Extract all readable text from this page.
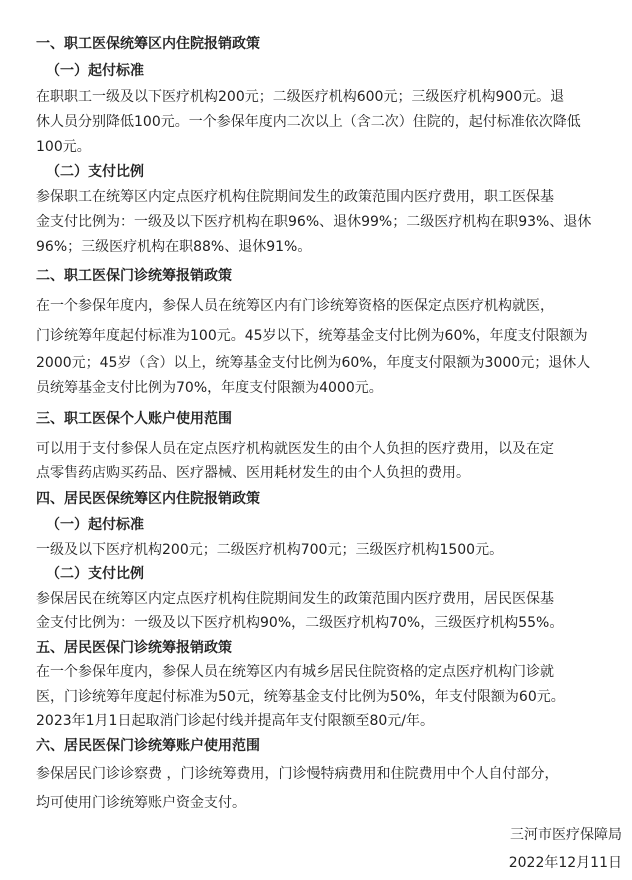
一、职工医保统筹区内住院报销政策
（一）起付标准
在职职工一级及以下医疗机构200元；二级医疗机构600元；三级医疗机构900元。退
休人员分别降低100元。一个参保年度内二次以上（含二次）住院的，起付标准依次降低
100元。
（二）支付比例
参保职工在统筹区内定点医疗机构住院期间发生的政策范围内医疗费用，职工医保基
金支付比例为：一级及以下医疗机构在职96%、退休99%；二级医疗机构在职93%、退休
96%；三级医疗机构在职88%、退休91%。
二、职工医保门诊统筹报销政策
在一个参保年度内，参保人员在统筹区内有门诊统筹资格的医保定点医疗机构就医，
门诊统筹年度起付标准为100元。45岁以下，统筹基金支付比例为60%，年度支付限额为
2000元；45岁（含）以上，统筹基金支付比例为60%，年度支付限额为3000元；退休人
员统筹基金支付比例为70%，年度支付限额为4000元。
三、职工医保个人账户使用范围
可以用于支付参保人员在定点医疗机构就医发生的由个人负担的医疗费用，以及在定
点零售药店购买药品、医疗器械、医用耗材发生的由个人负担的费用。
四、居民医保统筹区内住院报销政策
（一）起付标准
一级及以下医疗机构200元；二级医疗机构700元；三级医疗机构1500元。
（二）支付比例
参保居民在统筹区内定点医疗机构住院期间发生的政策范围内医疗费用，居民医保基
金支付比例为：一级及以下医疗机构90%，二级医疗机构70%，三级医疗机构55%。
五、居民医保门诊统筹报销政策
在一个参保年度内，参保人员在统筹区内有城乡居民住院资格的定点医疗机构门诊就
医，门诊统筹年度起付标准为50元，统筹基金支付比例为50%，年支付限额为60元。
2023年1月1日起取消门诊起付线并提高年支付限额至80元/年。
六、居民医保门诊统筹账户使用范围
参保居民门诊诊察费 ，门诊统筹费用，门诊慢特病费用和住院费用中个人自付部分，
均可使用门诊统筹账户资金支付。
三河市医疗保障局
2022年12月11日
